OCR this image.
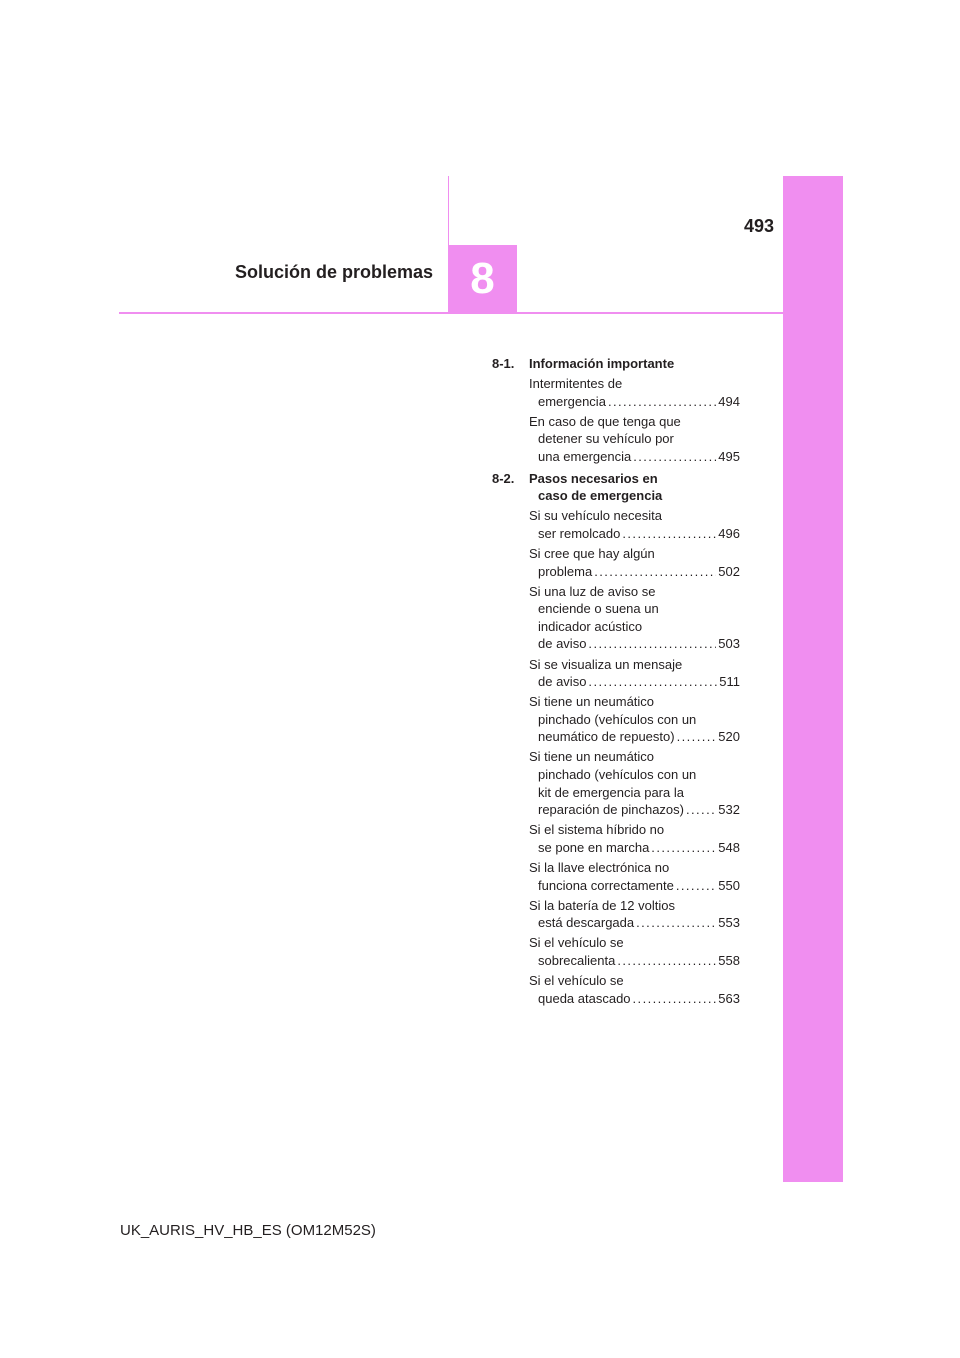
493
Solución de problemas 8
8-1. Información importante
Intermitentes de
emergencia . . .	494
En caso de que tenga que
detener su vehículo por
una emergencia . . .	495
8-2. Pasos necesarios en
caso de emergencia
Si su vehículo necesita
ser remolcado . . .	496
Si cree que hay algún
problema . . .	502
Si una luz de aviso se
enciende o suena un
indicador acústico
de aviso . . .	503
Si se visualiza un mensaje
de aviso . . .	511
Si tiene un neumático
pinchado (vehículos con un
neumático de repuesto) . . .	520
Si tiene un neumático
pinchado (vehículos con un
kit de emergencia para la
reparación de pinchazos) . . .	532
Si el sistema híbrido no
se pone en marcha . . .	548
Si la llave electrónica no
funciona correctamente . . .	550
Si la batería de 12 voltios
está descargada . . .	553
Si el vehículo se
sobrecalienta . . .	558
Si el vehículo se
queda atascado . . .	563
UK_AURIS_HV_HB_ES (OM12M52S)
